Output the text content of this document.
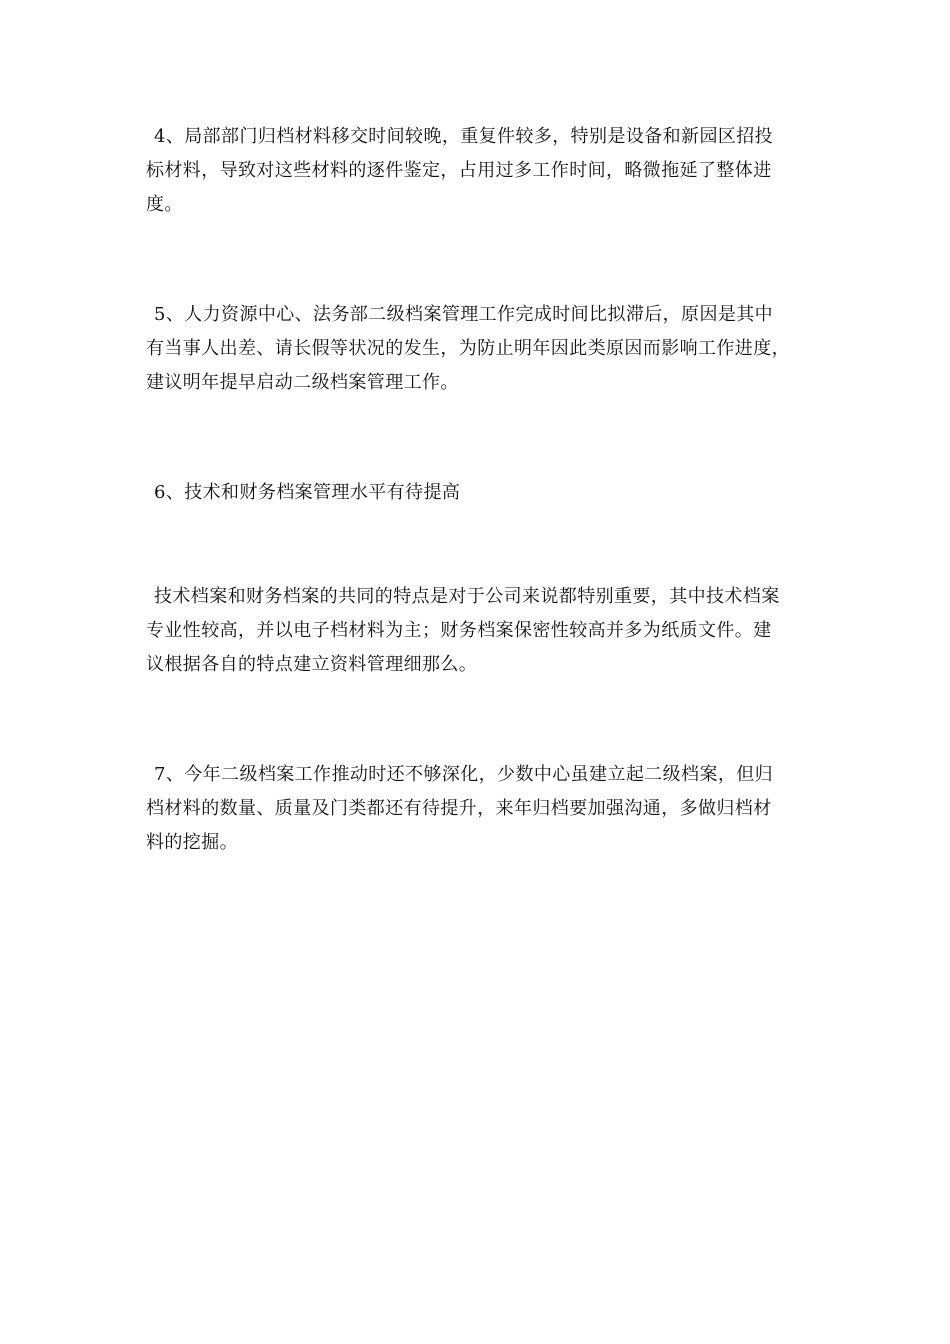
4、局部部门归档材料移交时间较晚，重复件较多，特别是设备和新园区招投
标材料，导致对这些材料的逐件鉴定，占用过多工作时间，略微拖延了整体进
度。
5、人力资源中心、法务部二级档案管理工作完成时间比拟滞后，原因是其中
有当事人出差、请长假等状况的发生，为防止明年因此类原因而影响工作进度，
建议明年提早启动二级档案管理工作。
6、技术和财务档案管理水平有待提高
技术档案和财务档案的共同的特点是对于公司来说都特别重要，其中技术档案
专业性较高，并以电子档材料为主；财务档案保密性较高并多为纸质文件。建
议根据各自的特点建立资料管理细那么。
7、今年二级档案工作推动时还不够深化，少数中心虽建立起二级档案，但归
档材料的数量、质量及门类都还有待提升，来年归档要加强沟通，多做归档材
料的挖掘。
